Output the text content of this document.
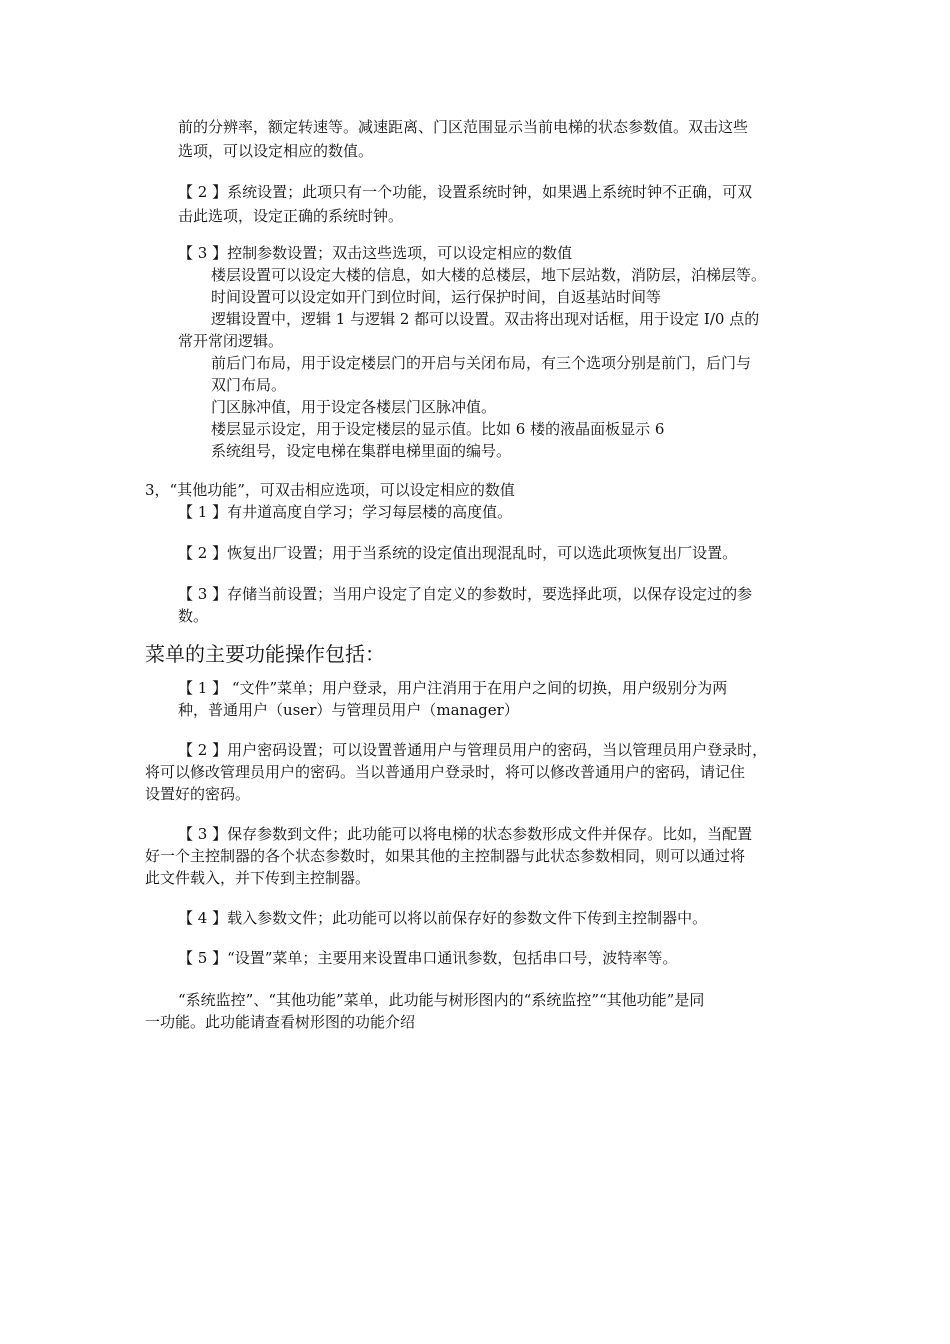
前的分辨率，额定转速等。减速距离、门区范围显示当前电梯的状态参数值。双击这些
选项，可以设定相应的数值。
【 2 】系统设置；此项只有一个功能，设置系统时钟，如果遇上系统时钟不正确，可双
击此选项，设定正确的系统时钟。
【 3 】控制参数设置；双击这些选项，可以设定相应的数值
楼层设置可以设定大楼的信息，如大楼的总楼层，地下层站数，消防层，泊梯层等。
时间设置可以设定如开门到位时间，运行保护时间，自返基站时间等
逻辑设置中，逻辑 1 与逻辑 2 都可以设置。双击将出现对话框，用于设定 I/0 点的
常开常闭逻辑。
前后门布局，用于设定楼层门的开启与关闭布局，有三个选项分别是前门，后门与
双门布局。
门区脉冲值，用于设定各楼层门区脉冲值。
楼层显示设定，用于设定楼层的显示值。比如 6 楼的液晶面板显示 6
系统组号，设定电梯在集群电梯里面的编号。
3，“其他功能”，可双击相应选项，可以设定相应的数值
【 1 】有井道高度自学习；学习每层楼的高度值。
【 2 】恢复出厂设置；用于当系统的设定值出现混乱时，可以选此项恢复出厂设置。
【 3 】存储当前设置；当用户设定了自定义的参数时，要选择此项，以保存设定过的参
数。
菜单的主要功能操作包括：
【 1 】 “文件”菜单；用户登录，用户注消用于在用户之间的切换，用户级别分为两
种，普通用户（user）与管理员用户（manager）
【 2 】用户密码设置；可以设置普通用户与管理员用户的密码，当以管理员用户登录时，
将可以修改管理员用户的密码。当以普通用户登录时，将可以修改普通用户的密码，请记住
设置好的密码。
【 3 】保存参数到文件；此功能可以将电梯的状态参数形成文件并保存。比如，当配置
好一个主控制器的各个状态参数时，如果其他的主控制器与此状态参数相同，则可以通过将
此文件载入，并下传到主控制器。
【 4 】载入参数文件；此功能可以将以前保存好的参数文件下传到主控制器中。
【 5 】“设置”菜单；主要用来设置串口通讯参数，包括串口号，波特率等。
“系统监控”、“其他功能”菜单，此功能与树形图内的“系统监控”“其他功能”是同
一功能。此功能请查看树形图的功能介绍
